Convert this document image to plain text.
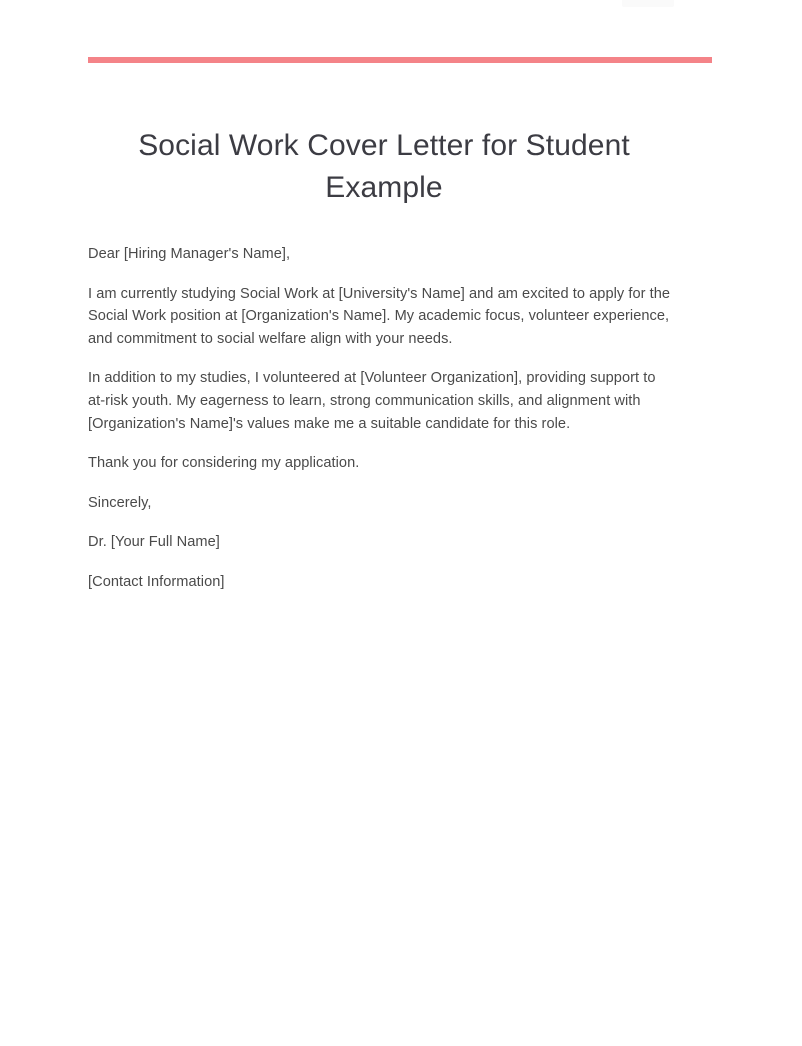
Social Work Cover Letter for Student Example

Dear [Hiring Manager's Name],

I am currently studying Social Work at [University's Name] and am excited to apply for the Social Work position at [Organization's Name]. My academic focus, volunteer experience, and commitment to social welfare align with your needs.

In addition to my studies, I volunteered at [Volunteer Organization], providing support to at-risk youth. My eagerness to learn, strong communication skills, and alignment with [Organization's Name]'s values make me a suitable candidate for this role.

Thank you for considering my application.

Sincerely,

Dr. [Your Full Name]

[Contact Information]
